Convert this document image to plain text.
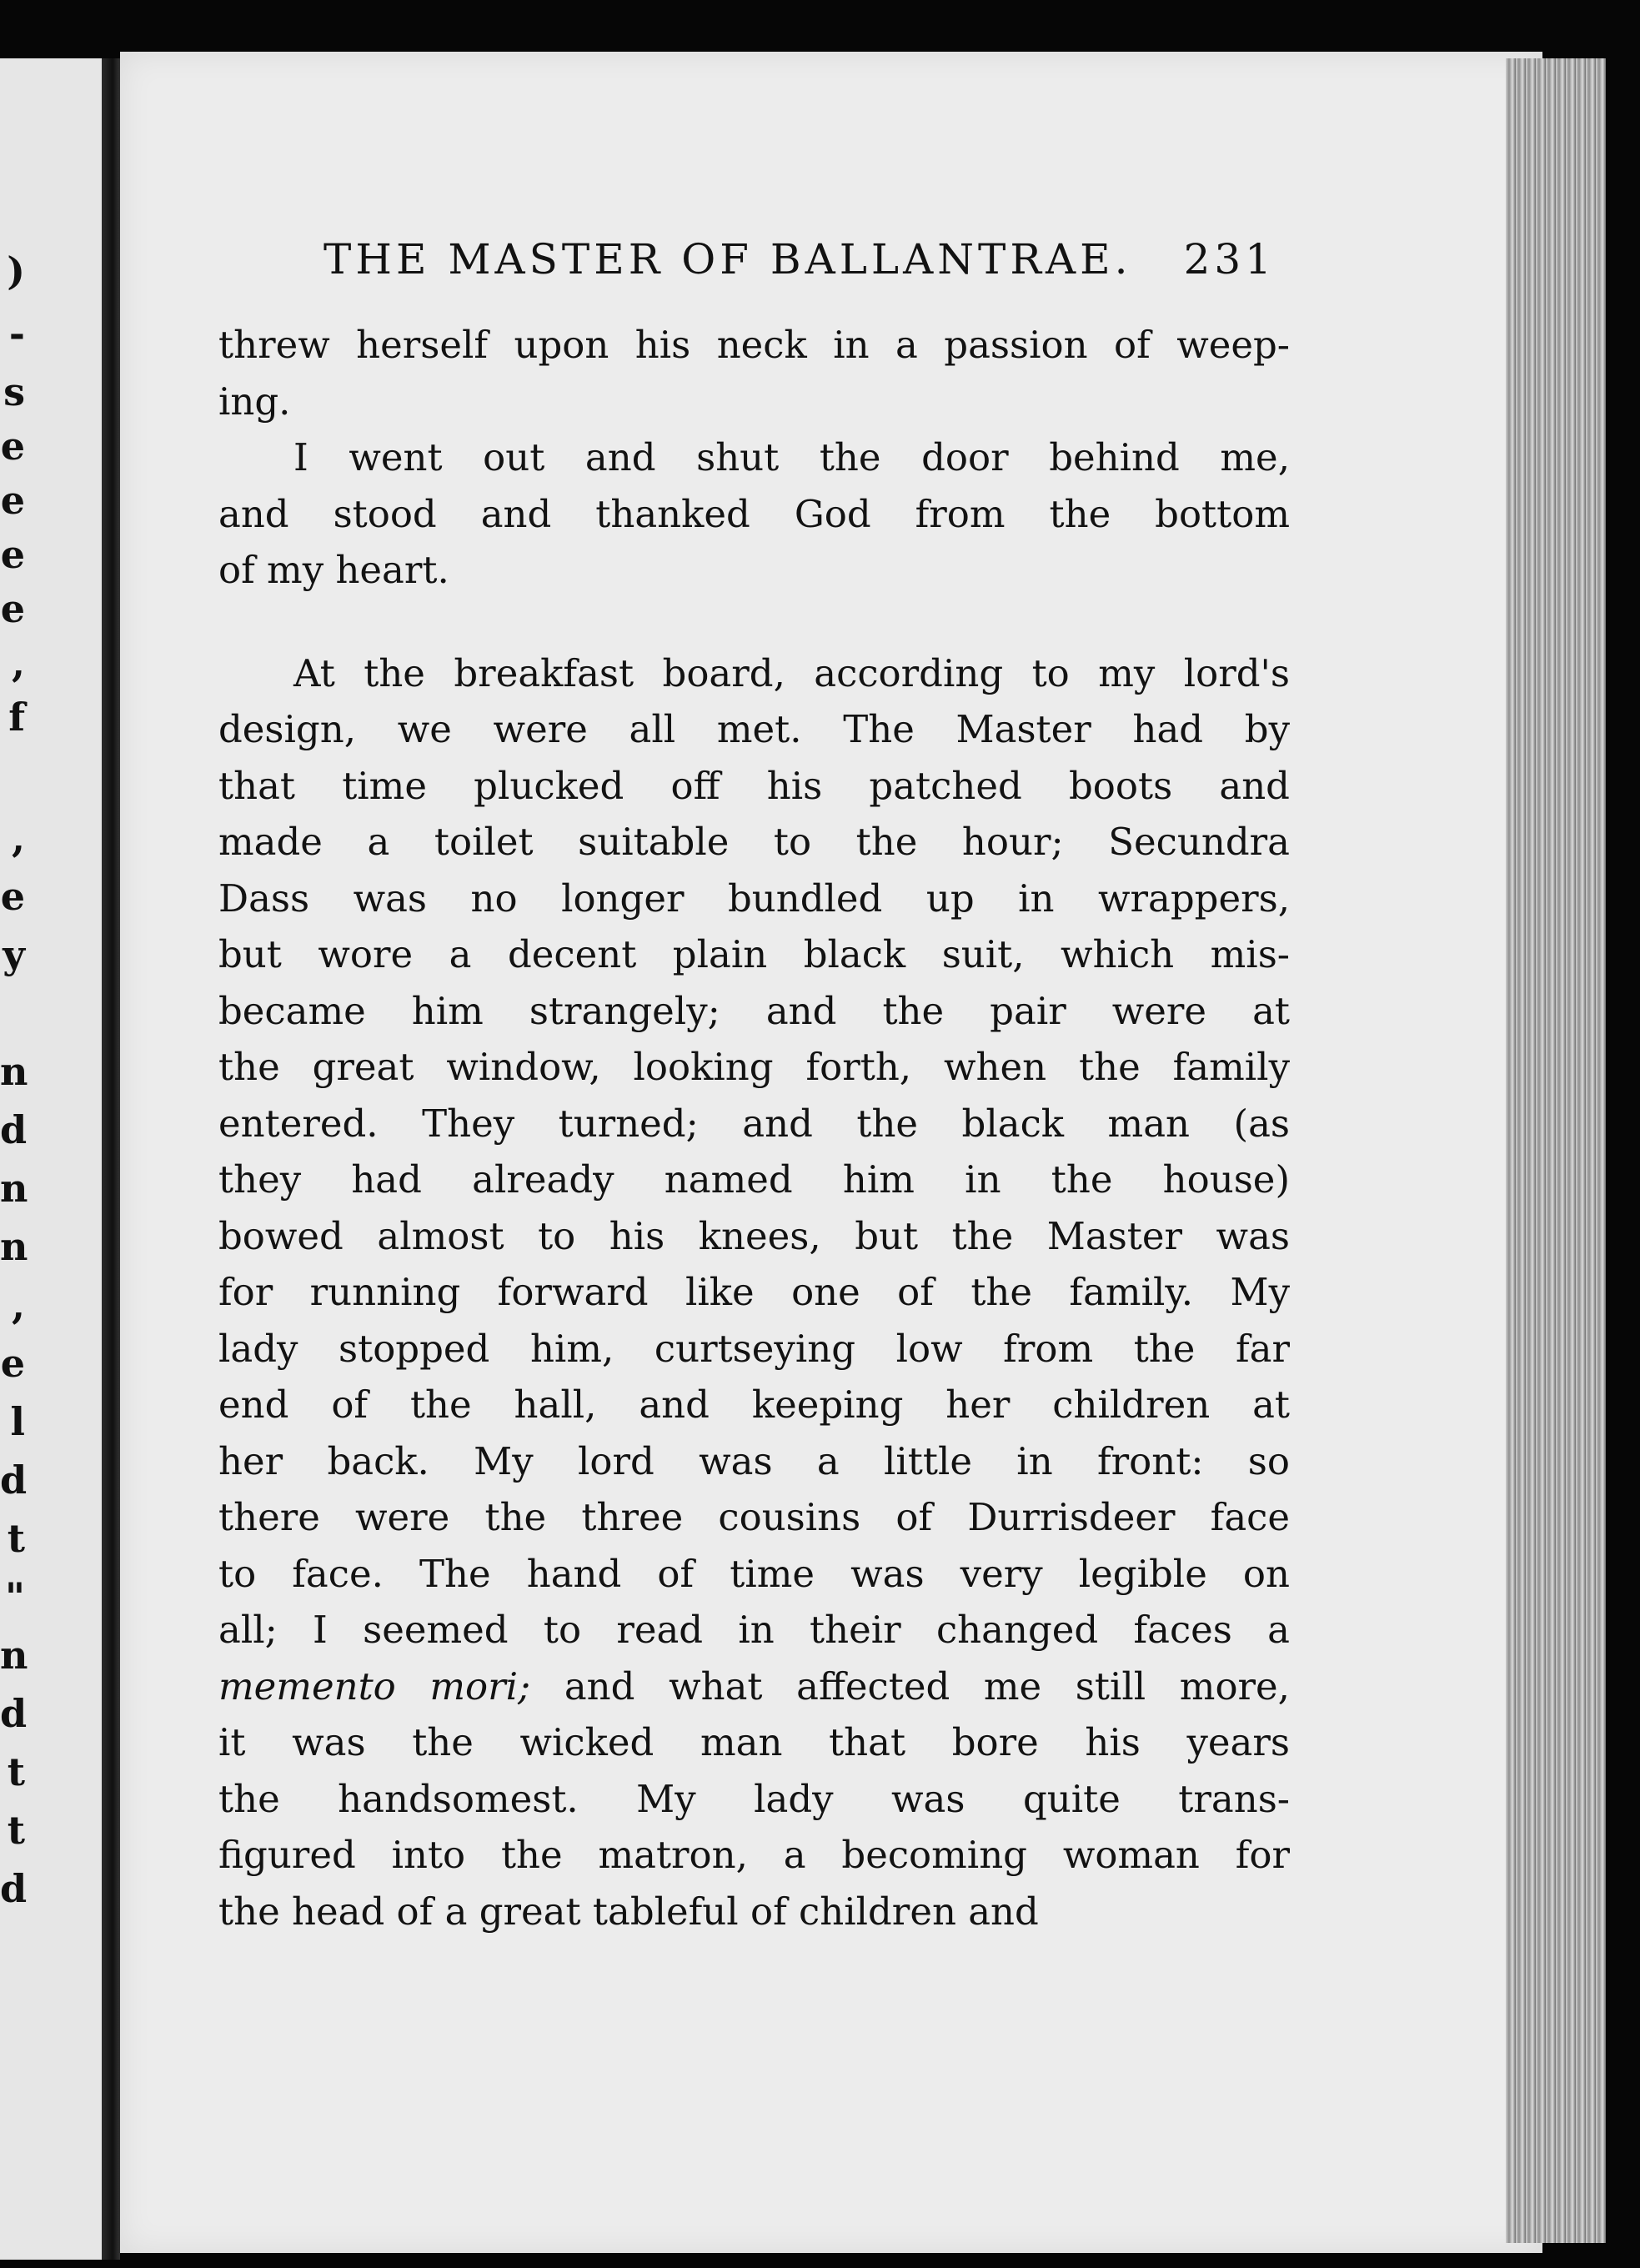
)
-
s
e
e
e
e
,
f
,
e
y
n
d
n
n
,
e
l
d
t
"
n
d
t
t
d
THE MASTER OF BALLANTRAE. 231
threw herself upon his neck in a passion of weep-
ing.
I went out and shut the door behind me,
and stood and thanked God from the bottom
of my heart.
At the breakfast board, according to my lord's
design, we were all met. The Master had by
that time plucked off his patched boots and
made a toilet suitable to the hour; Secundra
Dass was no longer bundled up in wrappers,
but wore a decent plain black suit, which mis-
became him strangely; and the pair were at
the great window, looking forth, when the family
entered. They turned; and the black man (as
they had already named him in the house)
bowed almost to his knees, but the Master was
for running forward like one of the family. My
lady stopped him, curtseying low from the far
end of the hall, and keeping her children at
her back. My lord was a little in front: so
there were the three cousins of Durrisdeer face
to face. The hand of time was very legible on
all; I seemed to read in their changed faces a
memento mori; and what affected me still more,
it was the wicked man that bore his years
the handsomest. My lady was quite trans-
figured into the matron, a becoming woman for
the head of a great tableful of children and
